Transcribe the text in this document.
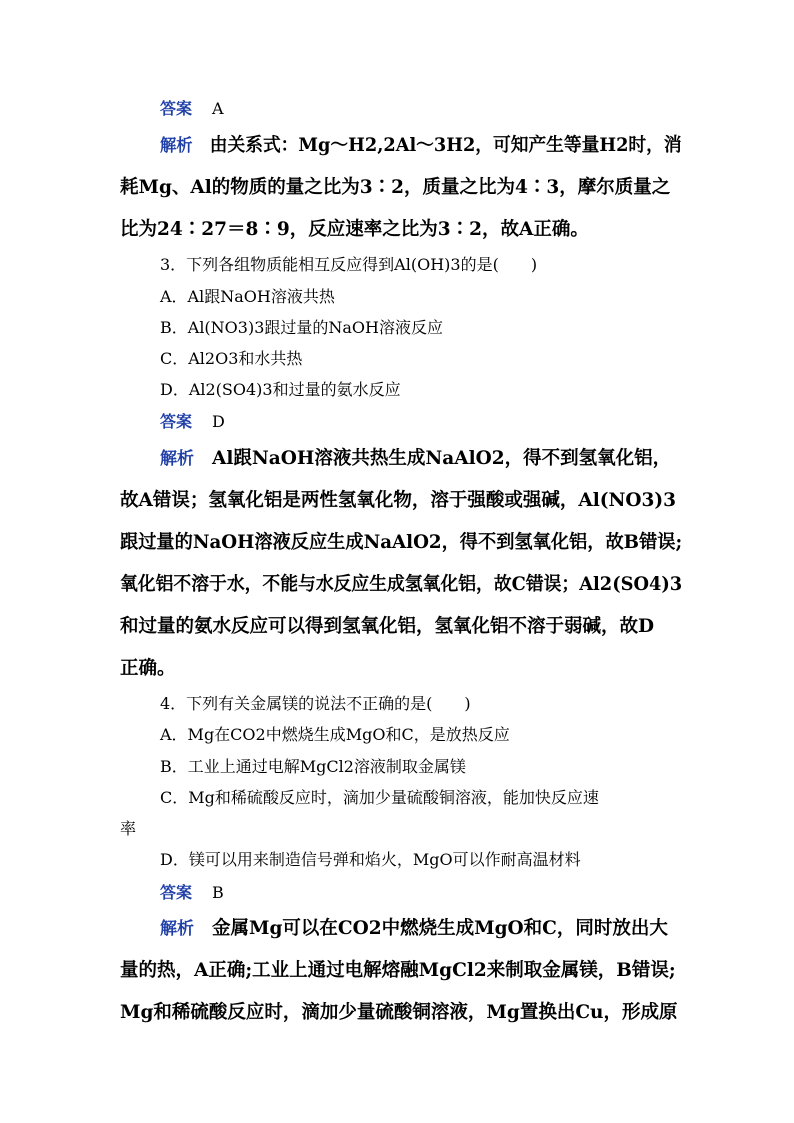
答案 A
解析 由关系式：Mg～H2,2Al～3H2，可知产生等量H2时，消
耗Mg、Al的物质的量之比为3∶2，质量之比为4∶3，摩尔质量之
比为24∶27＝8∶9，反应速率之比为3∶2，故A正确。
3．下列各组物质能相互反应得到Al(OH)3的是(　　)
A．Al跟NaOH溶液共热
B．Al(NO3)3跟过量的NaOH溶液反应
C．Al2O3和水共热
D．Al2(SO4)3和过量的氨水反应
答案 D
解析 Al跟NaOH溶液共热生成NaAlO2，得不到氢氧化铝，
故A错误；氢氧化铝是两性氢氧化物，溶于强酸或强碱，Al(NO3)3
跟过量的NaOH溶液反应生成NaAlO2，得不到氢氧化铝，故B错误;
氧化铝不溶于水，不能与水反应生成氢氧化铝，故C错误；Al2(SO4)3
和过量的氨水反应可以得到氢氧化铝，氢氧化铝不溶于弱碱，故D
正确。
4．下列有关金属镁的说法不正确的是(　　)
A．Mg在CO2中燃烧生成MgO和C，是放热反应
B．工业上通过电解MgCl2溶液制取金属镁
C．Mg和稀硫酸反应时，滴加少量硫酸铜溶液，能加快反应速
率
D．镁可以用来制造信号弹和焰火，MgO可以作耐高温材料
答案 B
解析 金属Mg可以在CO2中燃烧生成MgO和C，同时放出大
量的热，A正确;工业上通过电解熔融MgCl2来制取金属镁，B错误;
Mg和稀硫酸反应时，滴加少量硫酸铜溶液，Mg置换出Cu，形成原
